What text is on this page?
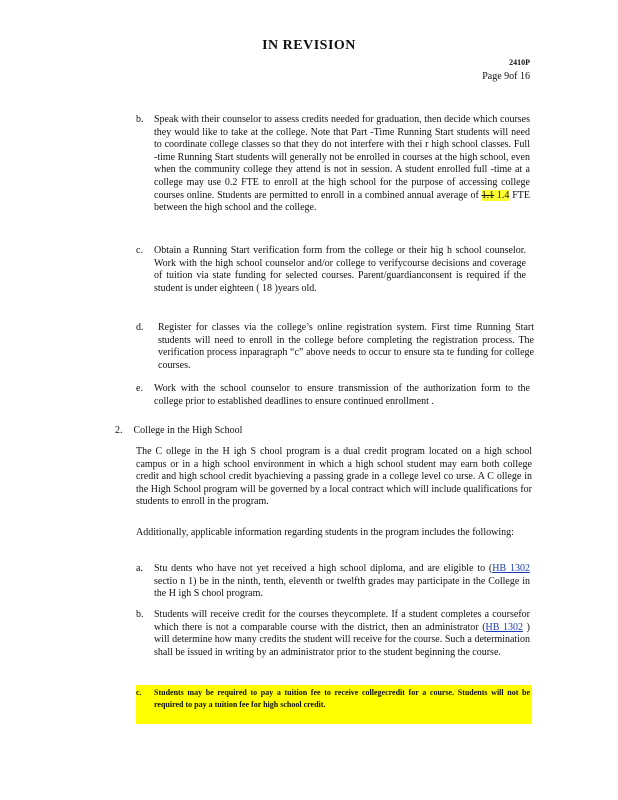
IN REVISION
2410P
Page 9of 16
b. Speak with their counselor to assess credits needed for graduation, then decide which courses they would like to take at the college. Note that Part -Time Running Start students will need to coordinate college classes so that they do not interfere with thei r high school classes. Full -time Running Start students will generally not be enrolled in courses at the high school, even when the community college they attend is not in session. A student enrolled full -time at a college may use 0.2 FTE to enroll at the high school for the purpose of accessing college courses online. Students are permitted to enroll in a combined annual average of 1.1 1.4 FTE between the high school and the college.
c. Obtain a Running Start verification form from the college or their hig h school counselor. Work with the high school counselor and/or college to verifycourse decisions and coverage of tuition via state funding for selected courses. Parent/guardianconsent is required if the student is under eighteen ( 18 )years old.
d. Register for classes via the college’s online registration system. First time Running Start students will need to enroll in the college before completing the registration process. The verification process inparagraph “c” above needs to occur to ensure sta te funding for college courses.
e. Work with the school counselor to ensure transmission of the authorization form to the college prior to established deadlines to ensure continued enrollment .
2. College in the High School
The C ollege in the H igh S chool program is a dual credit program located on a high school campus or in a high school environment in which a high school student may earn both college credit and high school credit byachieving a passing grade in a college level co urse. A C ollege in the High School program will be governed by a local contract which will include qualifications for students to enroll in the program.
Additionally, applicable information regarding students in the program includes the following:
a. Stu dents who have not yet received a high school diploma, and are eligible to (HB 1302 sectio n 1) be in the ninth, tenth, eleventh or twelfth grades may participate in the College in the H igh S chool program.
b. Students will receive credit for the courses theycomplete. If a student completes a coursefor which there is not a comparable course with the district, then an administrator (HB 1302 ) will determine how many credits the student will receive for the course. Such a determination shall be issued in writing by an administrator prior to the student beginning the course.
c. Students may be required to pay a tuition fee to receive collegecredit for a course. Students will not be required to pay a tuition fee for high school credit.
